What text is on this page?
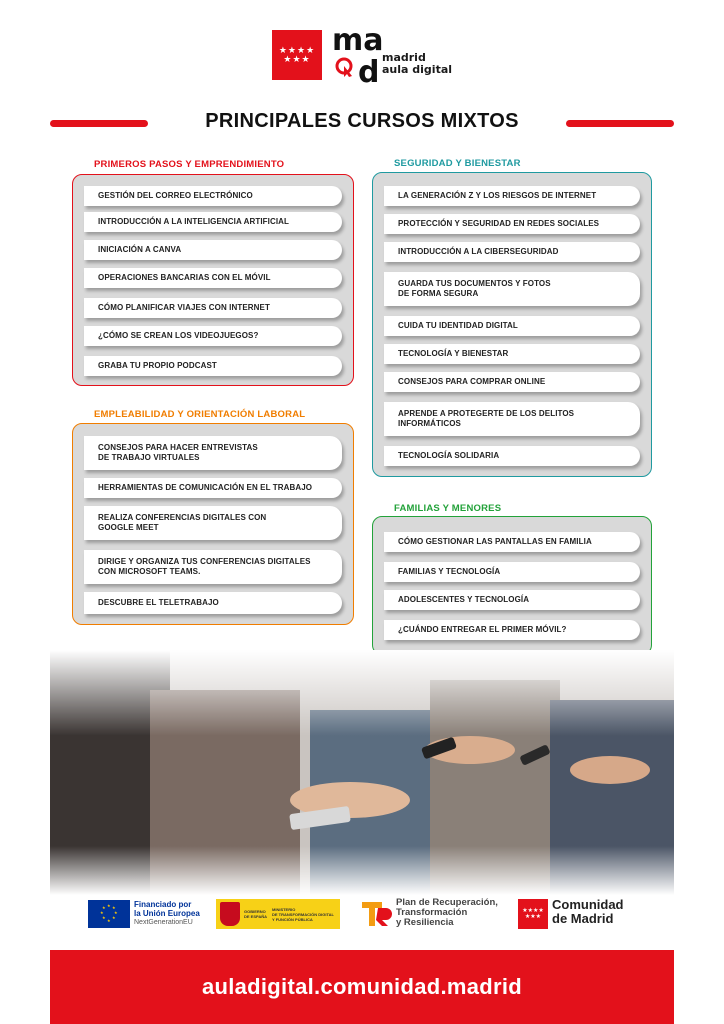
★★★★
★★★
ma
d madrid
aula digital
PRINCIPALES CURSOS MIXTOS
PRIMEROS PASOS Y EMPRENDIMIENTO
GESTIÓN DEL CORREO ELECTRÓNICO
INTRODUCCIÓN A LA INTELIGENCIA ARTIFICIAL
INICIACIÓN A CANVA
OPERACIONES BANCARIAS CON EL MÓVIL
CÓMO PLANIFICAR VIAJES CON INTERNET
¿CÓMO SE CREAN LOS VIDEOJUEGOS?
GRABA TU PROPIO PODCAST
EMPLEABILIDAD Y ORIENTACIÓN LABORAL
CONSEJOS PARA HACER ENTREVISTAS
DE TRABAJO VIRTUALES
HERRAMIENTAS DE COMUNICACIÓN EN EL TRABAJO
REALIZA CONFERENCIAS DIGITALES CON
GOOGLE MEET
DIRIGE Y ORGANIZA TUS CONFERENCIAS DIGITALES
CON MICROSOFT TEAMS.
DESCUBRE EL TELETRABAJO
SEGURIDAD Y BIENESTAR
LA GENERACIÓN Z Y LOS RIESGOS DE INTERNET
PROTECCIÓN Y SEGURIDAD EN REDES SOCIALES
INTRODUCCIÓN A LA CIBERSEGURIDAD
GUARDA TUS DOCUMENTOS Y FOTOS
DE FORMA SEGURA
CUIDA TU IDENTIDAD DIGITAL
TECNOLOGÍA Y BIENESTAR
CONSEJOS PARA COMPRAR ONLINE
APRENDE A PROTEGERTE DE LOS DELITOS
INFORMÁTICOS
TECNOLOGÍA SOLIDARIA
FAMILIAS Y MENORES
CÓMO GESTIONAR LAS PANTALLAS EN FAMILIA
FAMILIAS Y TECNOLOGÍA
ADOLESCENTES Y TECNOLOGÍA
¿CUÁNDO ENTREGAR EL PRIMER MÓVIL?
★ ★
★
★
★
★
★
★	Financiado por
la Unión Europea
NextGenerationEU
GOBIERNO
DE ESPAÑA
MINISTERIO
DE TRANSFORMACIÓN DIGITAL
Y FUNCIÓN PÚBLICA
Plan de Recuperación,
Transformación
y Resiliencia
★★★★
★★★
Comunidad
de Madrid
auladigital.comunidad.madrid
